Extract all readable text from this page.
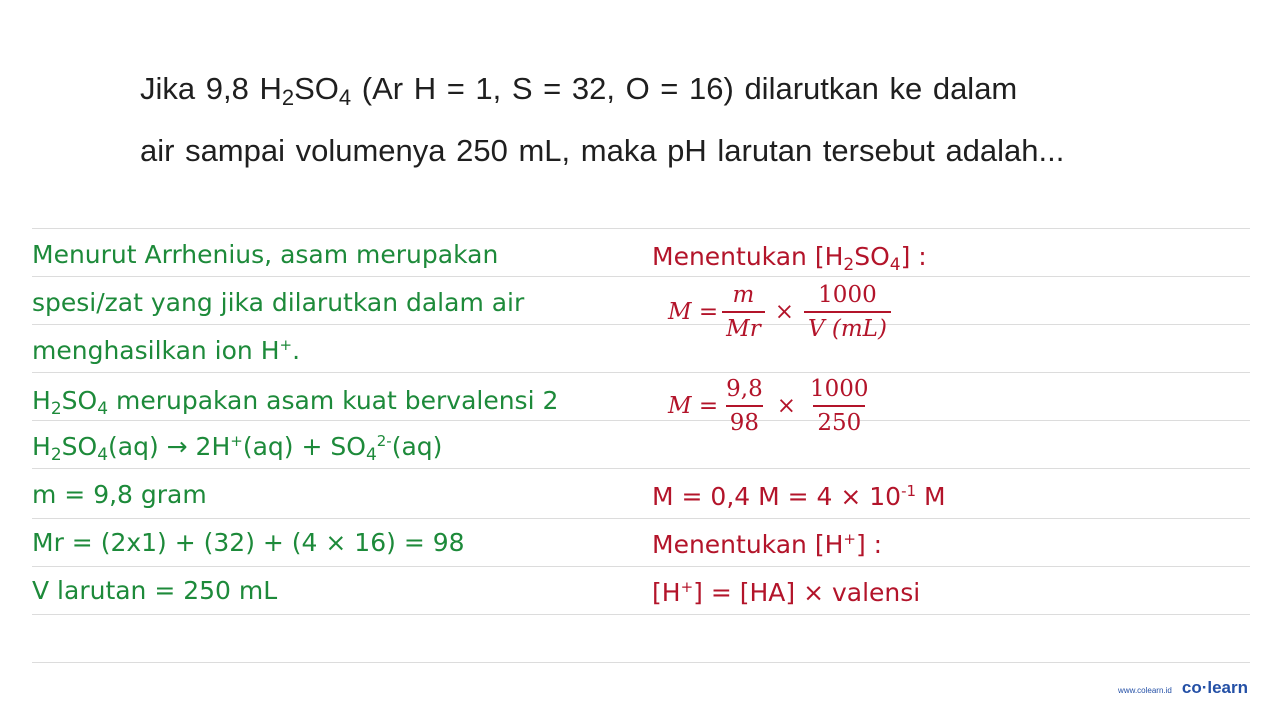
Jika 9,8 $H_2SO_4$ (Ar H = 1, S = 32, O = 16) dilarutkan ke dalam
air sampai volumenya 250 mL, maka pH larutan tersebut adalah...
Menurut Arrhenius, asam merupakan
spesi/zat yang jika dilarutkan dalam air
menghasilkan ion H+.
$H_2SO_4$ merupakan asam kuat bervalensi 2
$H_2SO_4(aq) \to 2H^+(aq) + SO_4^{2-}(aq)$
m = 9,8 gram
Mr = (2x1) + (32) + (4 × 16) = 98
V larutan = 250 mL
Menentukan $[H_2SO_4]$ :
$M = \frac{m}{Mr} \times \frac{1000}{V (mL)}$
$M = \frac{9,8}{98} \times \frac{1000}{250}$
M = 0,4 $M = 4 \times 10^{-1}$ M
Menentukan [H+] :
[H+] = [HA] × valensi
www.colearn.id co·learn
